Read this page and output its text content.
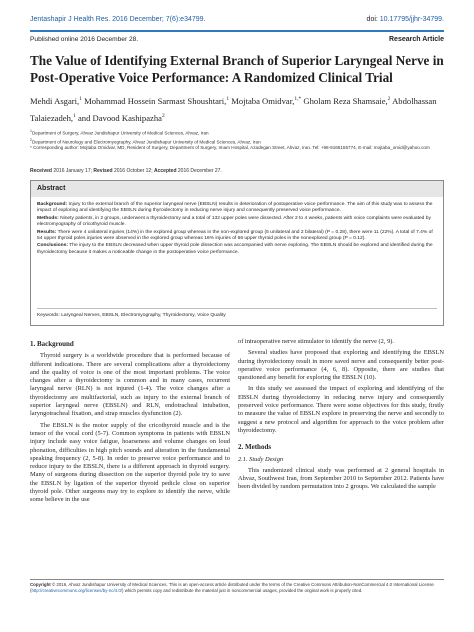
Jentashapir J Health Res. 2016 December; 7(6):e34799.	doi: 10.17795/jjhr-34799.
Published online 2016 December 28.	Research Article
The Value of Identifying External Branch of Superior Laryngeal Nerve in Post-Operative Voice Performance: A Randomized Clinical Trial
Mehdi Asgari,$^1$ Mohammad Hossein Sarmast Shoushtari,$^1$ Mojtaba Omidvar,$^{1,*}$ Gholam Reza Shamsaie,$^2$ Abdolhassan Talaiezadeh,$^1$ and Davood Kashipazha$^2$
$^1$Department of Surgery, Ahvaz Jundishapur University of Medical Sciences, Ahvaz, Iran
$^2$Department of Neurology and Electromyography, Ahvaz Jundishapur University of Medical Sciences, Ahvaz, Iran
* Corresponding author: Mojtaba Omidvar, MD, Resident of Surgery, Department of Surgery, Imam Hospital, Azadegan Street, Ahvaz, Iran. Tel: +98-9166155774, E-mail: mojtaba_omid@yahoo.com
Received 2016 January 17; Revised 2016 October 12; Accepted 2016 December 27.
Abstract

Background: Injury to the external branch of the superior laryngeal nerve (EBSLN) results in deterioration of postoperative voice performance. The aim of this study was to assess the impact of exploring and identifying the EBSLN during thyroidectomy in reducing nerve injury and consequently preserved voice performance.

Methods: Ninety patients, in 2 groups, underwent a thyroidectomy and a total of 132 upper poles were dissected. After 2 to 4 weeks, patients with voice complaints were evaluated by electromyography of cricothyroid muscle.

Results: There were 4 unilateral injuries (14%) in the explored group whereas in the non-explored group (5 unilateral and 2 bilateral) (P = 0.28), there were 11 (22%). A total of 7.4% of 54 upper thyroid poles injuries were observed in the explored group whereas 16% injuries of 66 upper thyroid poles in the nonexplored group (P = 0.12).

Conclusions: The injury to the EBSLN decreased when upper thyroid pole dissection was accompanied with nerve exploring. The EBSLN should be explored and identified during the thyroidectomy because it makes a noticeable change in the postoperative voice performance.

Keywords: Laryngeal Nerves, EBSLN, Electromyography, Thyroidectomy, Voice Quality
1. Background

Thyroid surgery is a worldwide procedure that is performed because of different indications. There are several complications after a thyroidectomy and the quality of voice is one of the most important problems. The voice changes after a thyroidectomy is common and in many cases, recurrent laryngeal nerve (RLN) is not injured (1-4). The voice changes after a thyroidectomy are multifactorial, such as injury to the external branch of superior laryngeal nerve (EBSLN) and RLN, endotracheal intubation, laryngotracheal fixation, and strap muscles dysfunction (2).

The EBSLN is the motor supply of the cricothyroid muscle and is the tensor of the vocal cord (5-7). Common symptoms in patients with EBSLN injury include easy voice fatigue, hoarseness and volume changes on loud phonation, difficulties in high pitch sounds and alteration in the fundamental speaking frequency (2, 5-8). In order to preserve voice performance and to reduce injury to the EBSLN, there is a different approach in thyroid surgery. Many of surgeons during dissection on the superior thyroid pole try to save the EBSLN by ligation of the superior thyroid pedicle close on superior thyroid pole. Other surgeons may try to explore to identify the nerve, while some believe in the use

of intraoperative nerve stimulator to identify the nerve (2, 9).

Several studies have proposed that exploring and identifying the EBSLN during thyroidectomy result in more saved nerve and consequently better post-operative voice performance (4, 6, 8). Opposite, there are studies that questioned any benefit for exploring the EBSLN (10).

In this study we assessed the impact of exploring and identifying of the EBSLN during thyroidectomy in reducing nerve injury and consequently preserved voice performance. There were some objectives for this study, firstly to measure the value of EBSLN explore in preserving the nerve and secondly to suggest a new protocol and algorithm for approach to the voice problem after thyroidectomy.

2. Methods
2.1. Study Design

This randomized clinical study was performed at 2 general hospitals in Ahvaz, Southwest Iran, from September 2010 to September 2012. Patients have been divided by random permutation into 2 groups. We calculated the sample

Copyright © 2016, Ahvaz Jundishapur University of Medical Sciences. This is an open-access article distributed under the terms of the Creative Commons Attribution-NonCommercial 4.0 International License (http://creativecommons.org/licenses/by-nc/4.0/) which permits copy and redistribute the material just in noncommercial usages, provided the original work is properly cited.
